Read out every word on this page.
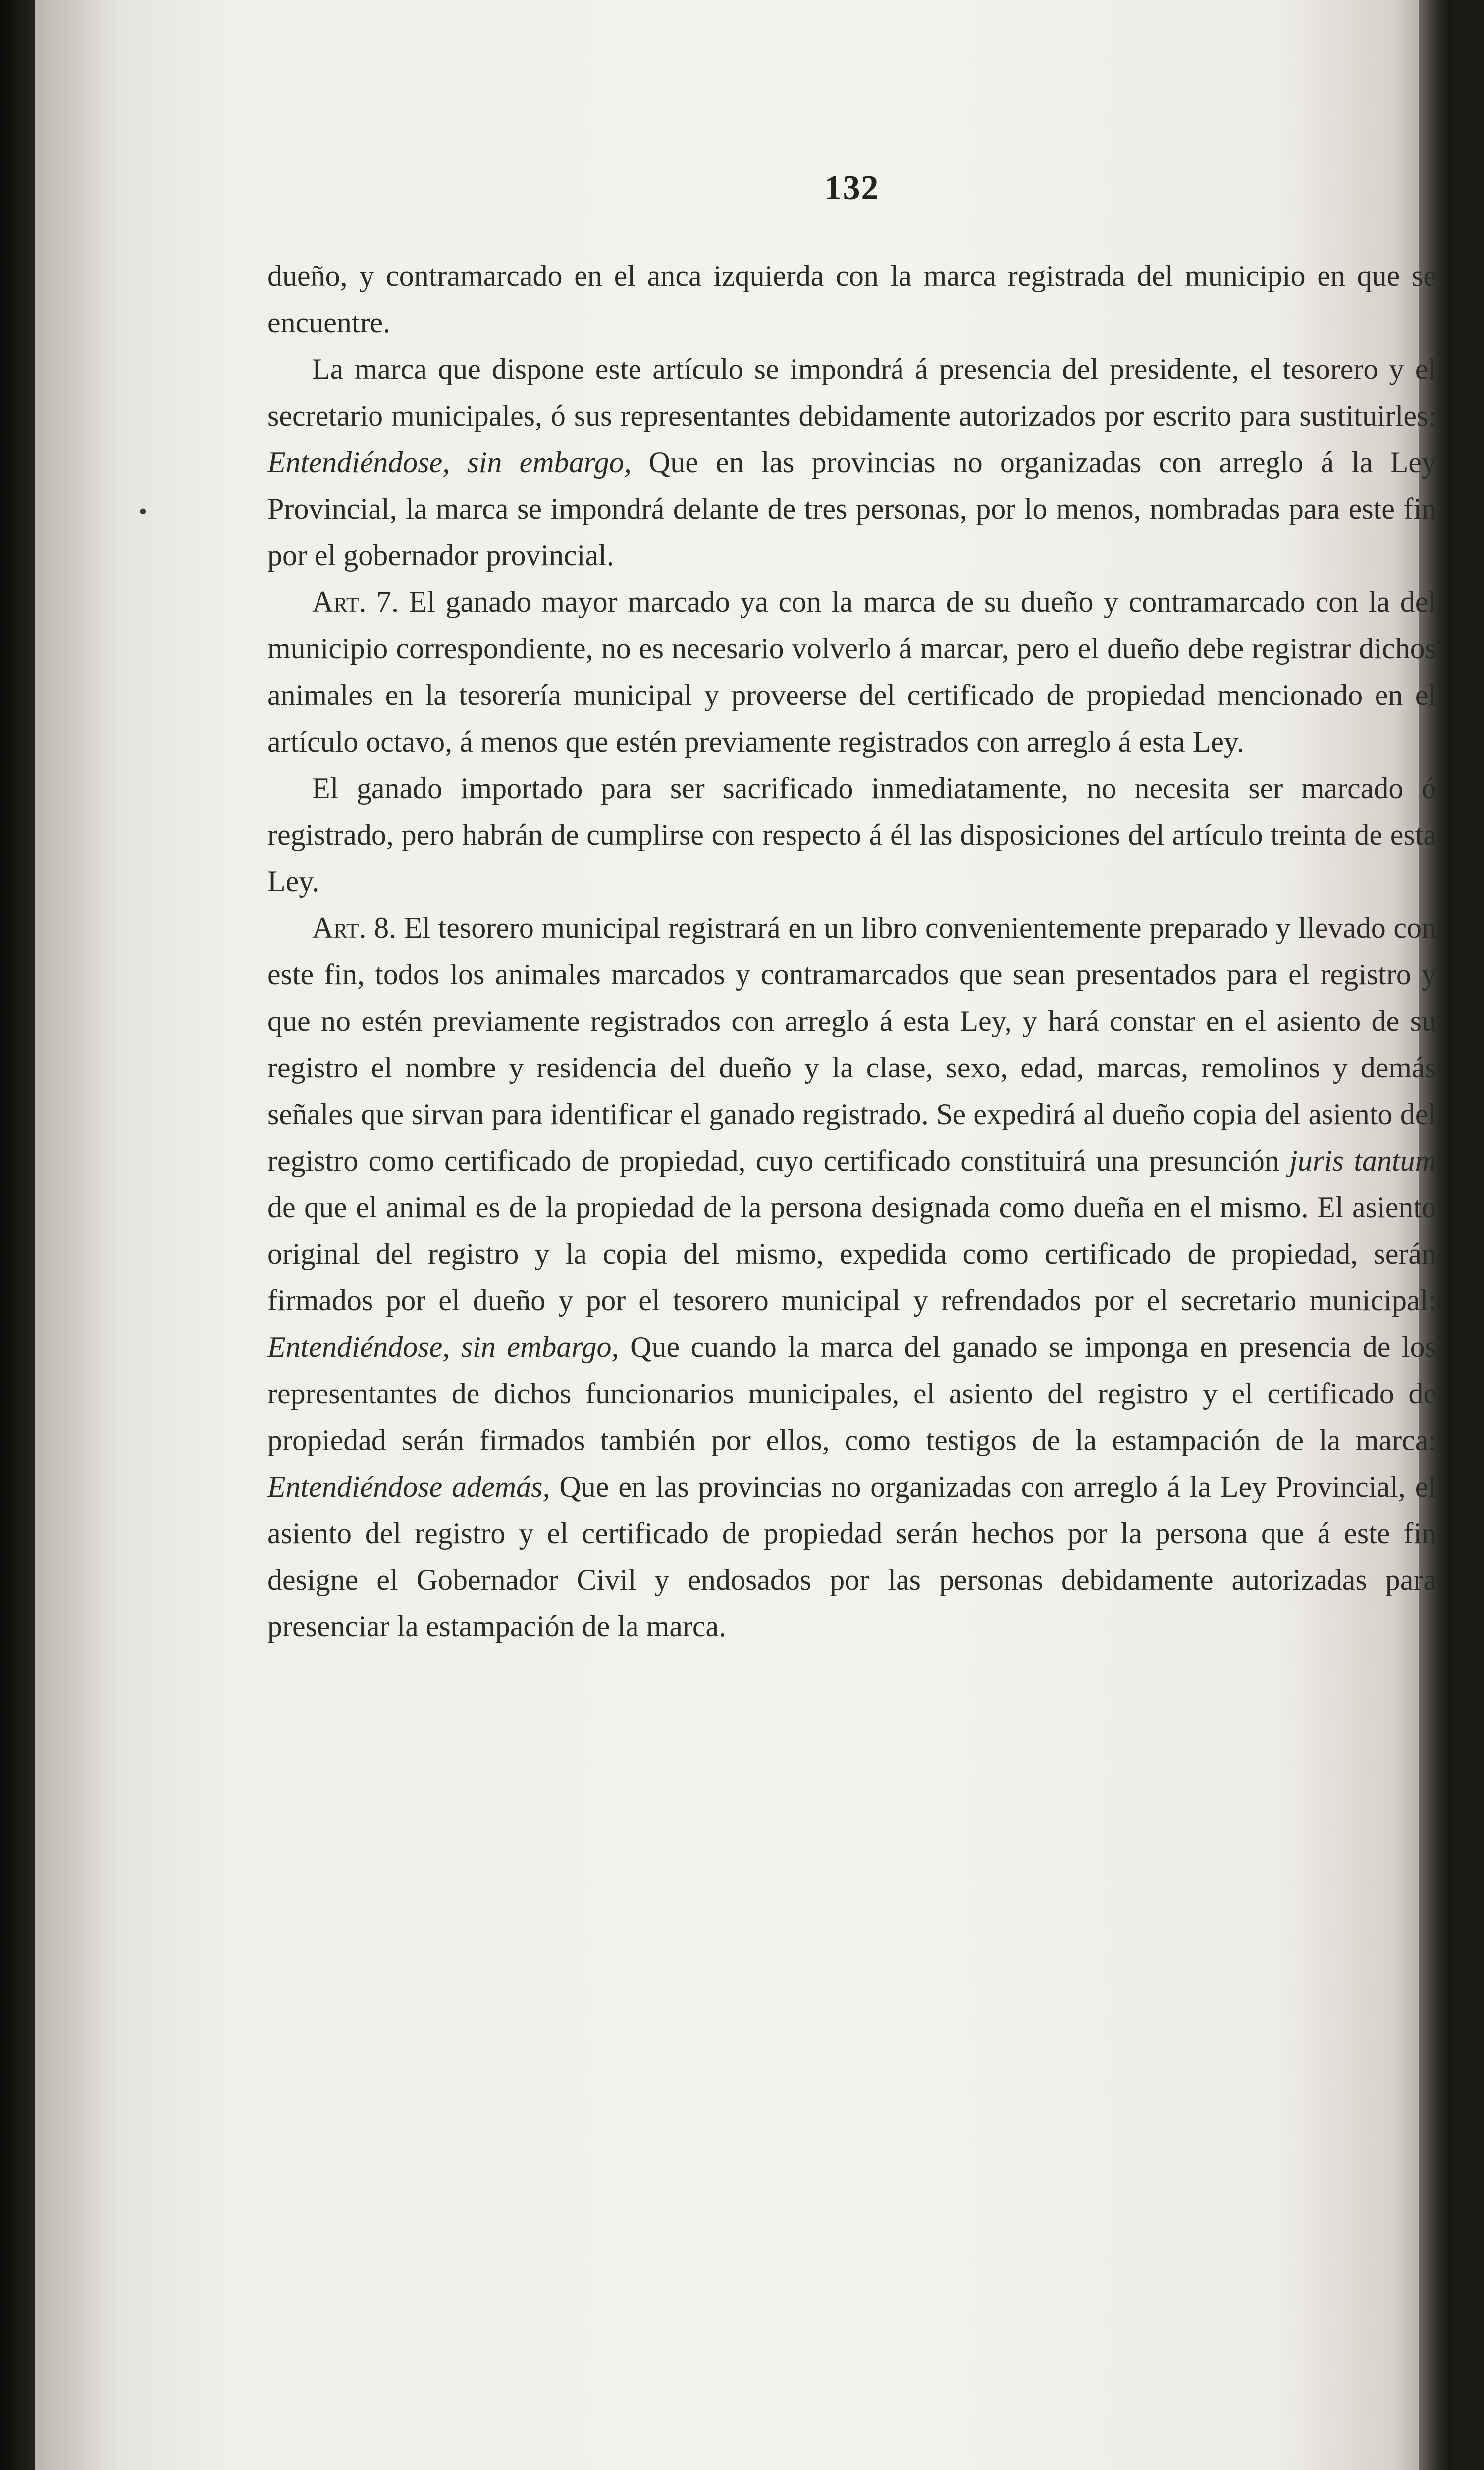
•
132

dueño, y contramarcado en el anca izquierda con la marca registrada del municipio en que se encuentre.

La marca que dispone este artículo se impondrá á presencia del presidente, el tesorero y el secretario municipales, ó sus representantes debidamente autorizados por escrito para sustituirles: Entendiéndose, sin embargo, Que en las provincias no organizadas con arreglo á la Ley Provincial, la marca se impondrá delante de tres personas, por lo menos, nombradas para este fin por el gobernador provincial.

Art. 7. El ganado mayor marcado ya con la marca de su dueño y contramarcado con la del municipio correspondiente, no es necesario volverlo á marcar, pero el dueño debe registrar dichos animales en la tesorería municipal y proveerse del certificado de propiedad mencionado en el artículo octavo, á menos que estén previamente registrados con arreglo á esta Ley.

El ganado importado para ser sacrificado inmediatamente, no necesita ser marcado ó registrado, pero habrán de cumplirse con respecto á él las disposiciones del artículo treinta de esta Ley.

Art. 8. El tesorero municipal registrará en un libro convenientemente preparado y llevado con este fin, todos los animales marcados y contramarcados que sean presentados para el registro y que no estén previamente registrados con arreglo á esta Ley, y hará constar en el asiento de su registro el nombre y residencia del dueño y la clase, sexo, edad, marcas, remolinos y demás señales que sirvan para identificar el ganado registrado. Se expedirá al dueño copia del asiento del registro como certificado de propiedad, cuyo certificado constituirá una presunción juris tantum de que el animal es de la propiedad de la persona designada como dueña en el mismo. El asiento original del registro y la copia del mismo, expedida como certificado de propiedad, serán firmados por el dueño y por el tesorero municipal y refrendados por el secretario municipal: Entendiéndose, sin embargo, Que cuando la marca del ganado se imponga en presencia de los representantes de dichos funcionarios municipales, el asiento del registro y el certificado de propiedad serán firmados también por ellos, como testigos de la estampación de la marca: Entendiéndose además, Que en las provincias no organizadas con arreglo á la Ley Provincial, el asiento del registro y el certificado de propiedad serán hechos por la persona que á este fin designe el Gobernador Civil y endosados por las personas debidamente autorizadas para presenciar la estampación de la marca.
